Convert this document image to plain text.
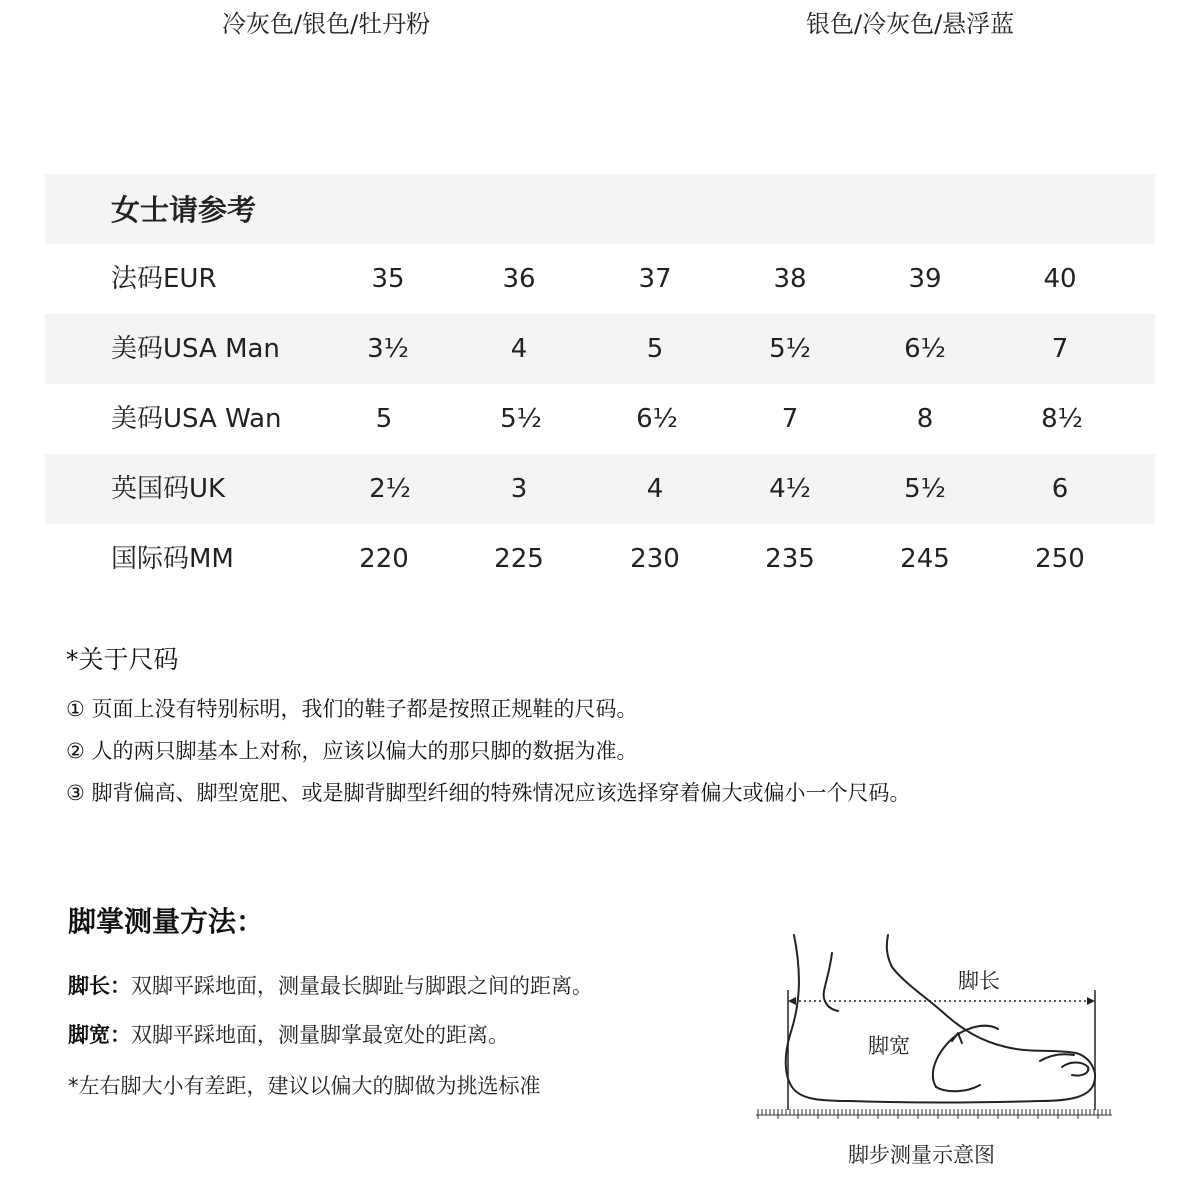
冷灰色/银色/牡丹粉	银色/冷灰色/悬浮蓝
女士请参考
法码EUR	35	36	37	38	39	40
美码USA Man	3½	4	5	5½	6½	7
美码USA Wan	5	5½	6½	7	8	8½
英国码UK	2½	3	4	4½	5½	6
国际码MM	220	225	230	235	245	250
*关于尺码
① 页面上没有特别标明，我们的鞋子都是按照正规鞋的尺码。
② 人的两只脚基本上对称，应该以偏大的那只脚的数据为准。
③ 脚背偏高、脚型宽肥、或是脚背脚型纤细的特殊情况应该选择穿着偏大或偏小一个尺码。
脚掌测量方法：
脚长：双脚平踩地面，测量最长脚趾与脚跟之间的距离。
脚宽：双脚平踩地面，测量脚掌最宽处的距离。
*左右脚大小有差距，建议以偏大的脚做为挑选标准
脚长
脚宽
脚步测量示意图
